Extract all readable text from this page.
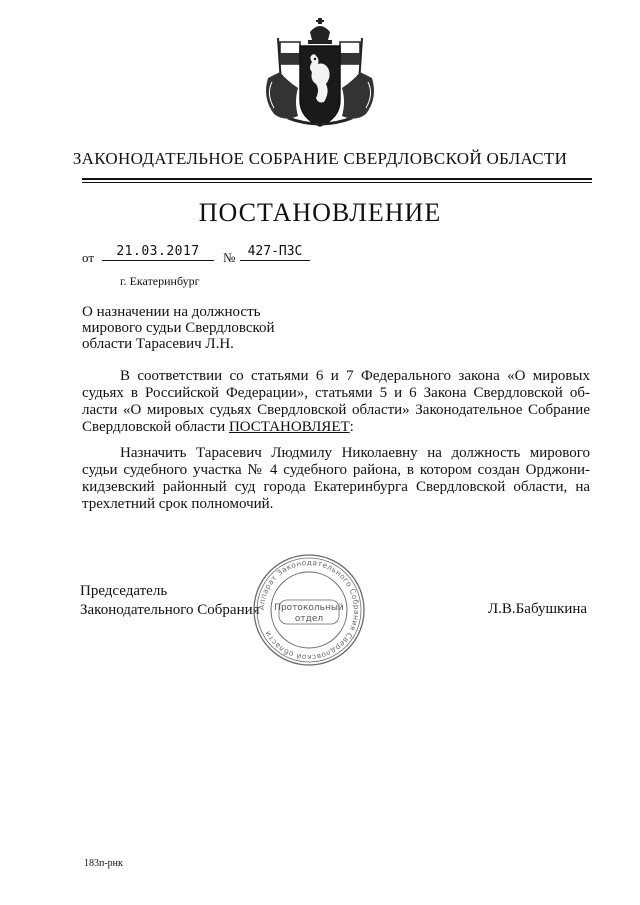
ЗАКОНОДАТЕЛЬНОЕ СОБРАНИЕ СВЕРДЛОВСКОЙ ОБЛАСТИ
ПОСТАНОВЛЕНИЕ
от	21.03.2017	№ 427-ПЗС
г. Екатеринбург
О назначении на должность
мирового судьи Свердловской
области Тарасевич Л.Н.
В соответствии со статьями 6 и 7 Федерального закона «О мировых
судьях в Российской Федерации», статьями 5 и 6 Закона Свердловской об-
ласти «О мировых судьях Свердловской области» Законодательное Собрание
Свердловской области ПОСТАНОВЛЯЕТ:
Назначить Тарасевич Людмилу Николаевну на должность мирового
судьи судебного участка № 4 судебного района, в котором создан Орджони-
кидзевский районный суд города Екатеринбурга Свердловской области, на
трехлетний срок полномочий.
Председатель
Законодательного Собрания	Л.В.Бабушкина
Аппарат Законодательного Собрания Свердловской области
Протокольный
отдел
183п-рнк
